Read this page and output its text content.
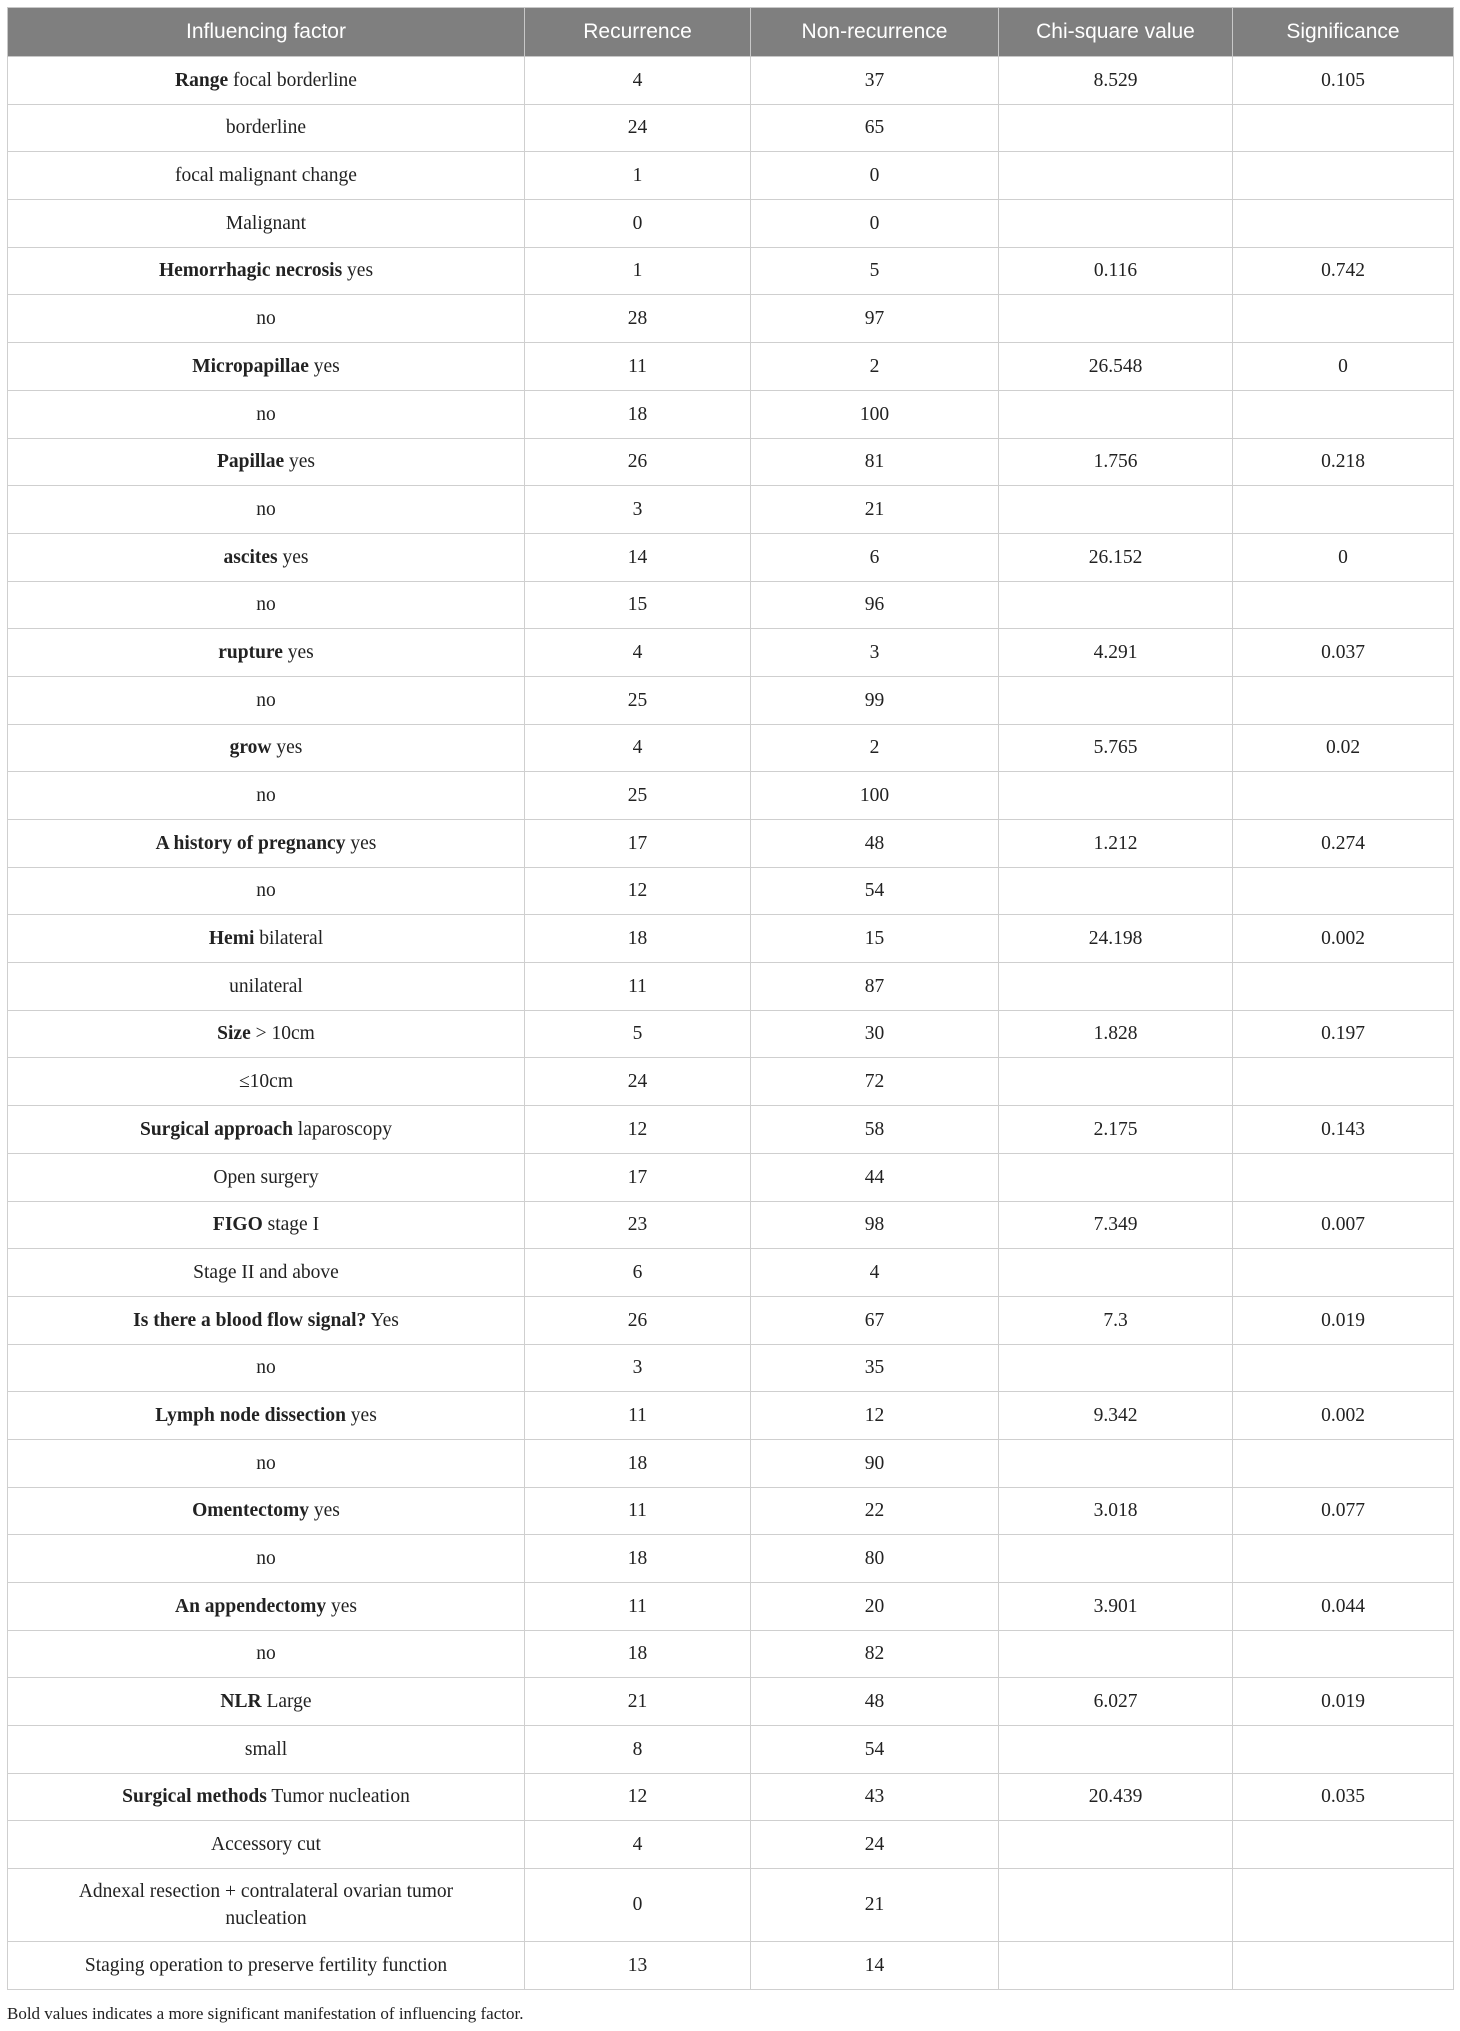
Influencing factor	Recurrence	Non-recurrence	Chi-square value	Significance
Range focal borderline	4	37	8.529	0.105
borderline	24	65		
focal malignant change	1	0		
Malignant	0	0		
Hemorrhagic necrosis yes	1	5	0.116	0.742
no	28	97		
Micropapillae yes	11	2	26.548	0
no	18	100		
Papillae yes	26	81	1.756	0.218
no	3	21		
ascites yes	14	6	26.152	0
no	15	96		
rupture yes	4	3	4.291	0.037
no	25	99		
grow yes	4	2	5.765	0.02
no	25	100		
A history of pregnancy yes	17	48	1.212	0.274
no	12	54		
Hemi bilateral	18	15	24.198	0.002
unilateral	11	87		
Size > 10cm	5	30	1.828	0.197
≤10cm	24	72		
Surgical approach laparoscopy	12	58	2.175	0.143
Open surgery	17	44		
FIGO stage I	23	98	7.349	0.007
Stage II and above	6	4		
Is there a blood flow signal? Yes	26	67	7.3	0.019
no	3	35		
Lymph node dissection yes	11	12	9.342	0.002
no	18	90		
Omentectomy yes	11	22	3.018	0.077
no	18	80		
An appendectomy yes	11	20	3.901	0.044
no	18	82		
NLR Large	21	48	6.027	0.019
small	8	54		
Surgical methods Tumor nucleation	12	43	20.439	0.035
Accessory cut	4	24		
Adnexal resection + contralateral ovarian tumor nucleation	0	21		
Staging operation to preserve fertility function	13	14		
Bold values indicates a more significant manifestation of influencing factor.
